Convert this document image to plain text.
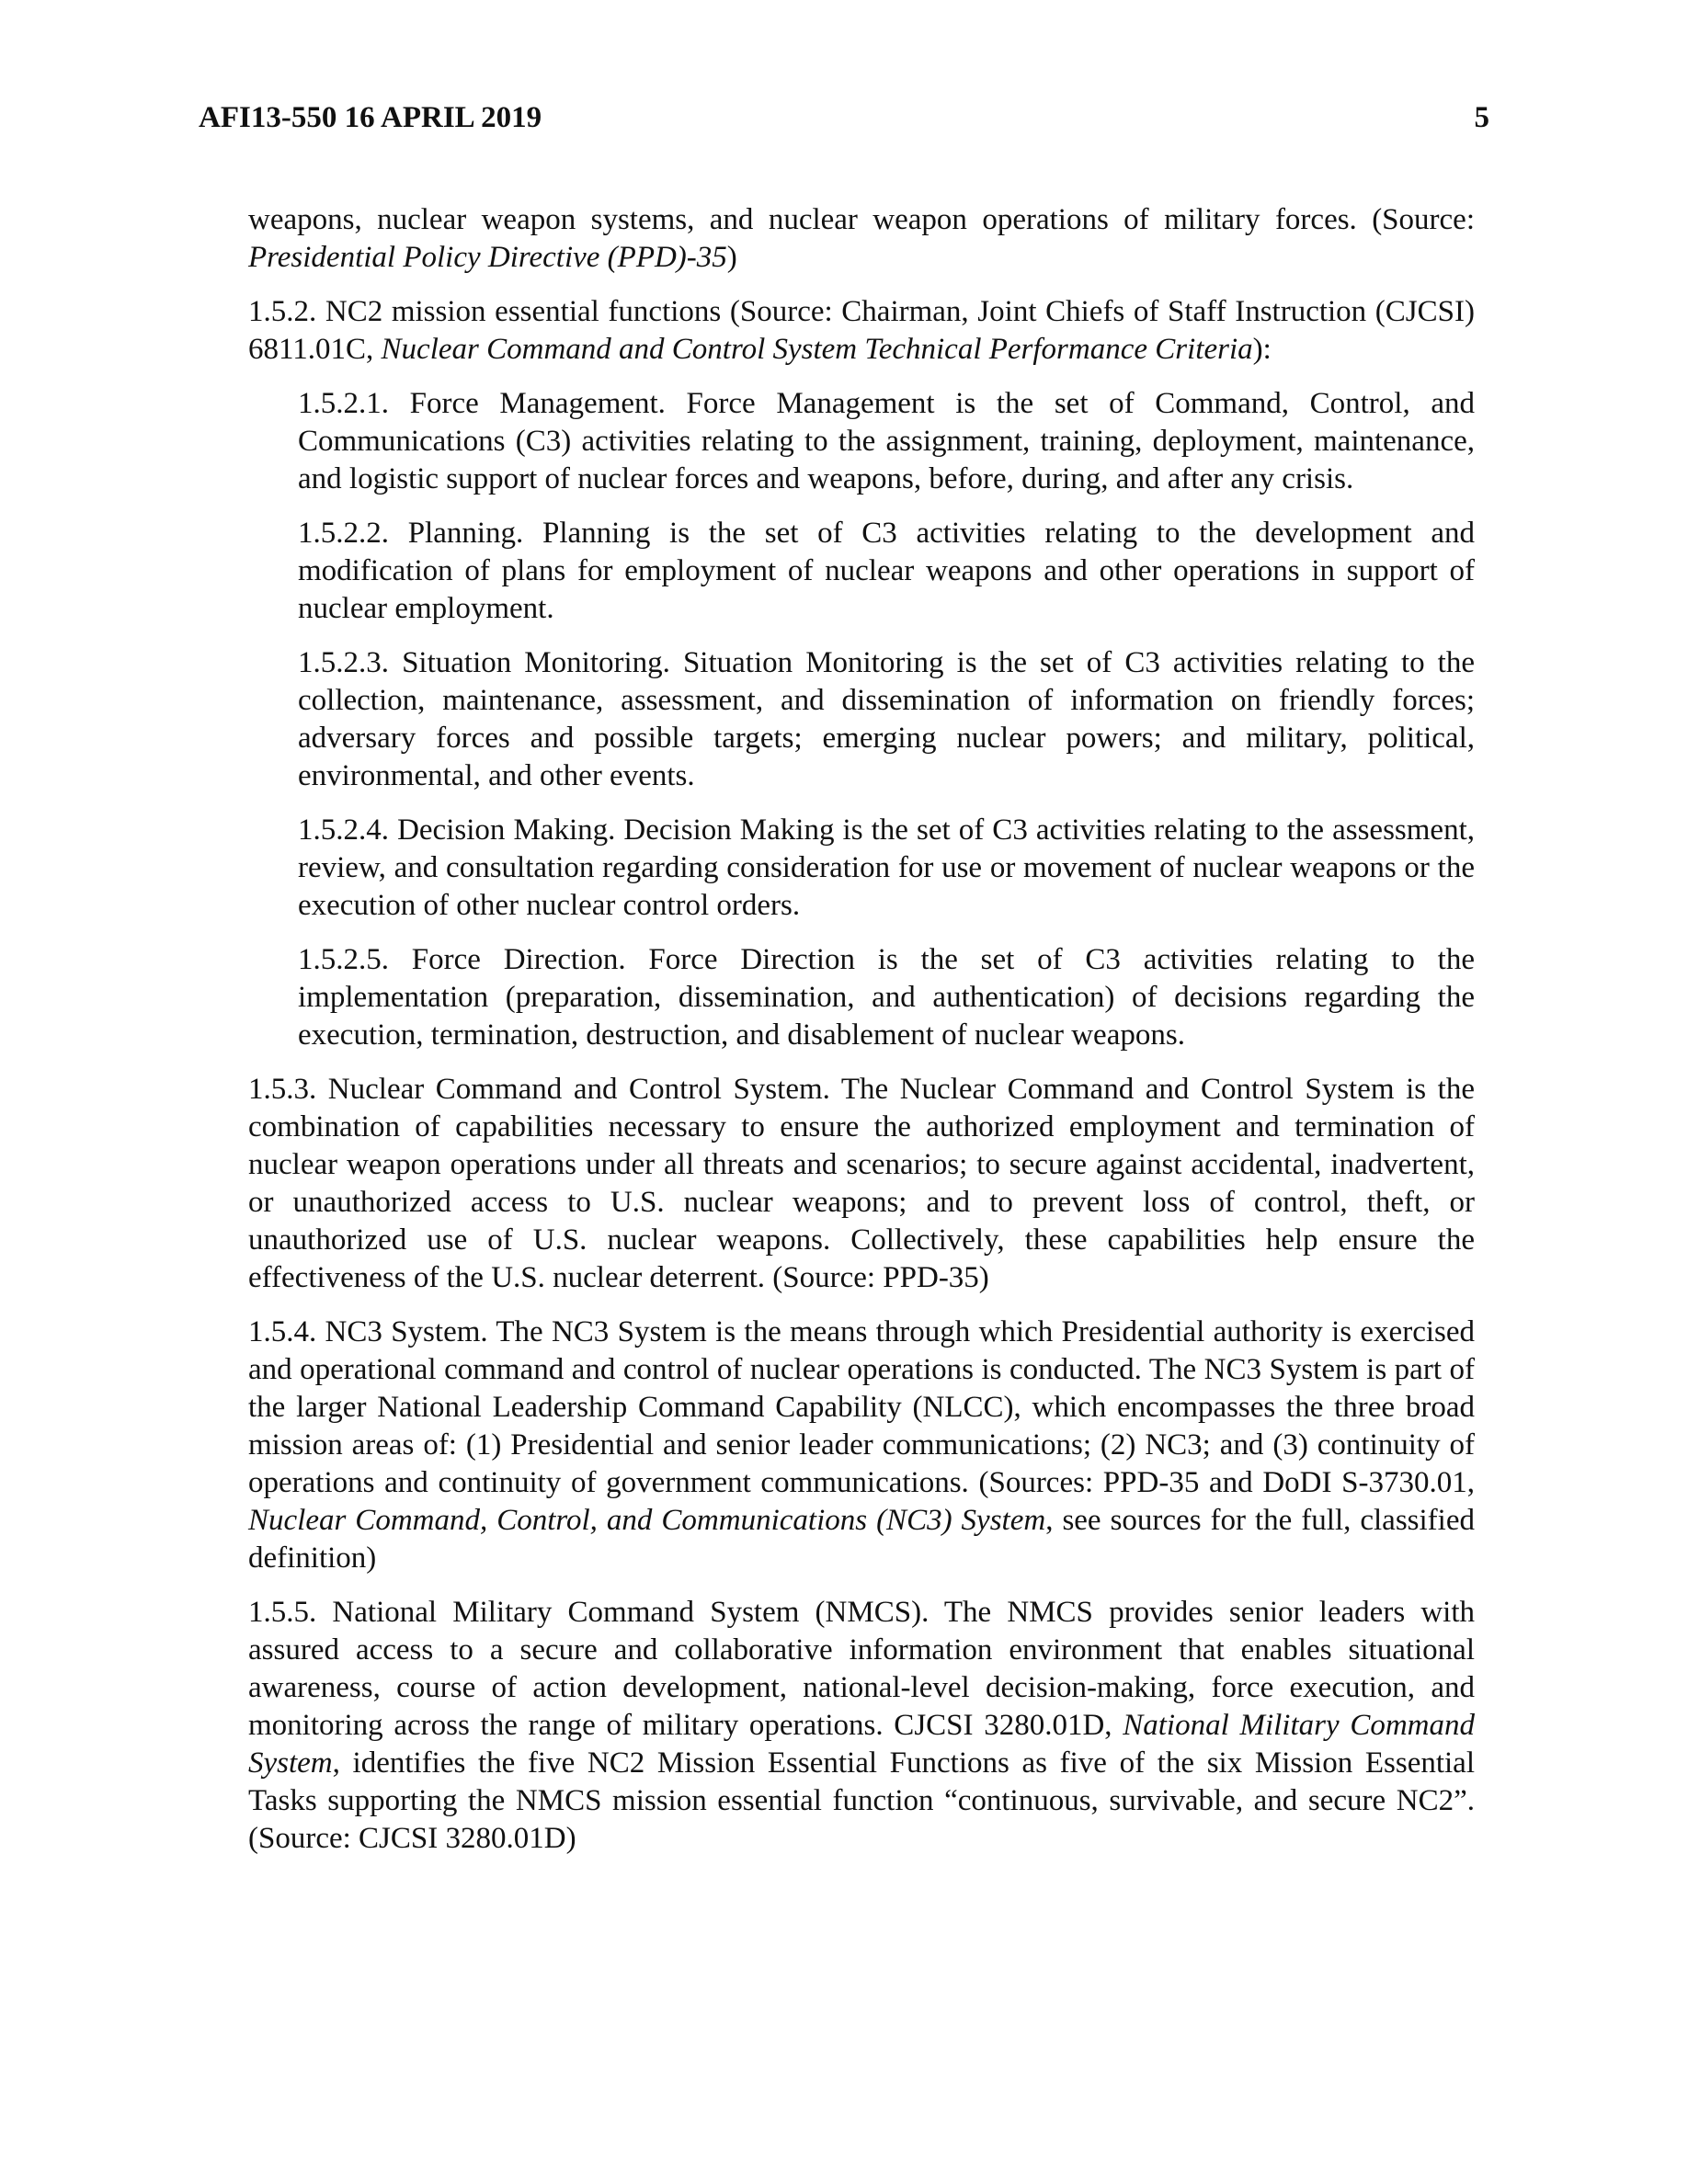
AFI13-550 16 APRIL 2019	5

weapons, nuclear weapon systems, and nuclear weapon operations of military forces. (Source: Presidential Policy Directive (PPD)-35)

1.5.2. NC2 mission essential functions (Source: Chairman, Joint Chiefs of Staff Instruction (CJCSI) 6811.01C, Nuclear Command and Control System Technical Performance Criteria):

1.5.2.1. Force Management. Force Management is the set of Command, Control, and Communications (C3) activities relating to the assignment, training, deployment, maintenance, and logistic support of nuclear forces and weapons, before, during, and after any crisis.

1.5.2.2. Planning. Planning is the set of C3 activities relating to the development and modification of plans for employment of nuclear weapons and other operations in support of nuclear employment.

1.5.2.3. Situation Monitoring. Situation Monitoring is the set of C3 activities relating to the collection, maintenance, assessment, and dissemination of information on friendly forces; adversary forces and possible targets; emerging nuclear powers; and military, political, environmental, and other events.

1.5.2.4. Decision Making. Decision Making is the set of C3 activities relating to the assessment, review, and consultation regarding consideration for use or movement of nuclear weapons or the execution of other nuclear control orders.

1.5.2.5. Force Direction. Force Direction is the set of C3 activities relating to the implementation (preparation, dissemination, and authentication) of decisions regarding the execution, termination, destruction, and disablement of nuclear weapons.

1.5.3. Nuclear Command and Control System. The Nuclear Command and Control System is the combination of capabilities necessary to ensure the authorized employment and termination of nuclear weapon operations under all threats and scenarios; to secure against accidental, inadvertent, or unauthorized access to U.S. nuclear weapons; and to prevent loss of control, theft, or unauthorized use of U.S. nuclear weapons. Collectively, these capabilities help ensure the effectiveness of the U.S. nuclear deterrent. (Source: PPD-35)

1.5.4. NC3 System. The NC3 System is the means through which Presidential authority is exercised and operational command and control of nuclear operations is conducted. The NC3 System is part of the larger National Leadership Command Capability (NLCC), which encompasses the three broad mission areas of: (1) Presidential and senior leader communications; (2) NC3; and (3) continuity of operations and continuity of government communications. (Sources: PPD-35 and DoDI S-3730.01, Nuclear Command, Control, and Communications (NC3) System, see sources for the full, classified definition)

1.5.5. National Military Command System (NMCS). The NMCS provides senior leaders with assured access to a secure and collaborative information environment that enables situational awareness, course of action development, national-level decision-making, force execution, and monitoring across the range of military operations. CJCSI 3280.01D, National Military Command System, identifies the five NC2 Mission Essential Functions as five of the six Mission Essential Tasks supporting the NMCS mission essential function “continuous, survivable, and secure NC2”. (Source: CJCSI 3280.01D)
